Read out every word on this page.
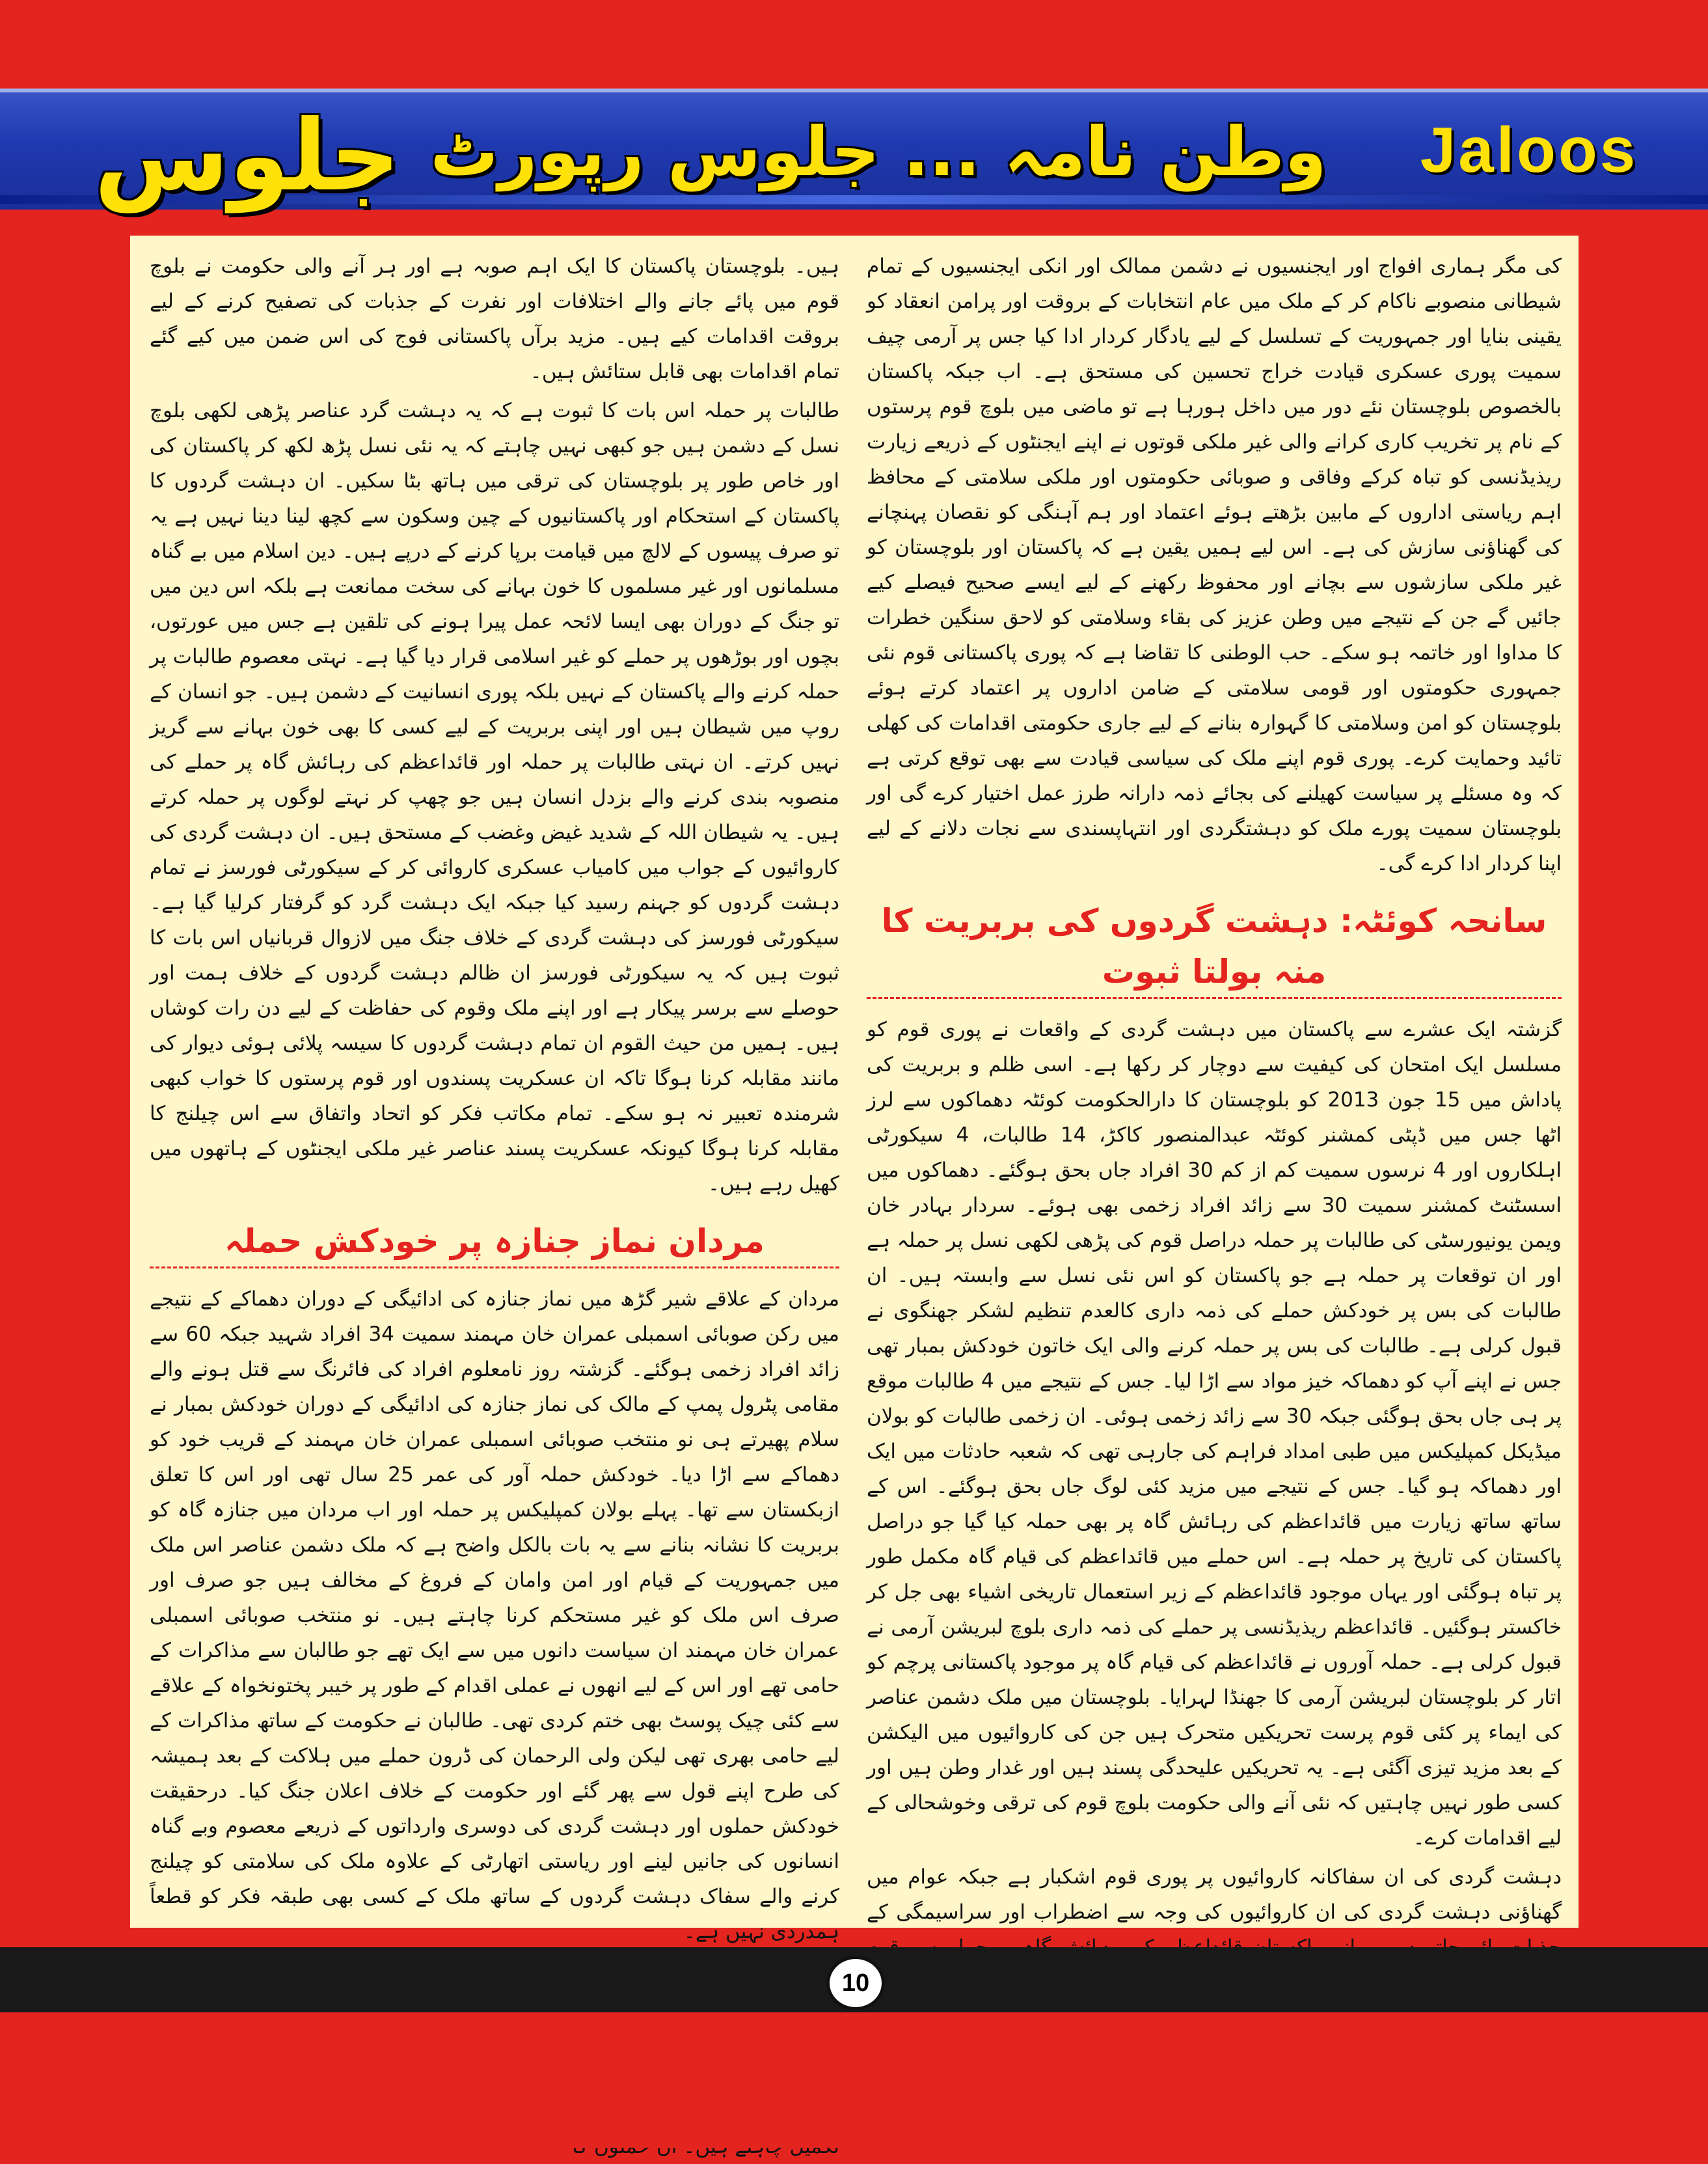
جلوس وطن نامہ ... جلوس رپورٹ	Jaloos

کی مگر ہماری افواج اور ایجنسیوں نے دشمن ممالک اور انکی ایجنسیوں کے تمام شیطانی منصوبے ناکام کر کے ملک میں عام انتخابات کے بروقت اور پرامن انعقاد کو یقینی بنایا اور جمہوریت کے تسلسل کے لیے یادگار کردار ادا کیا جس پر آرمی چیف سمیت پوری عسکری قیادت خراج تحسین کی مستحق ہے۔ اب جبکہ پاکستان بالخصوص بلوچستان نئے دور میں داخل ہورہا ہے تو ماضی میں بلوچ قوم پرستوں کے نام پر تخریب کاری کرانے والی غیر ملکی قوتوں نے اپنے ایجنٹوں کے ذریعے زیارت ریذیڈنسی کو تباہ کرکے وفاقی و صوبائی حکومتوں اور ملکی سلامتی کے محافظ اہم ریاستی اداروں کے مابین بڑھتے ہوئے اعتماد اور ہم آہنگی کو نقصان پہنچانے کی گھناؤنی سازش کی ہے۔ اس لیے ہمیں یقین ہے کہ پاکستان اور بلوچستان کو غیر ملکی سازشوں سے بچانے اور محفوظ رکھنے کے لیے ایسے صحیح فیصلے کیے جائیں گے جن کے نتیجے میں وطن عزیز کی بقاء وسلامتی کو لاحق سنگین خطرات کا مداوا اور خاتمہ ہو سکے۔ حب الوطنی کا تقاضا ہے کہ پوری پاکستانی قوم نئی جمہوری حکومتوں اور قومی سلامتی کے ضامن اداروں پر اعتماد کرتے ہوئے بلوچستان کو امن وسلامتی کا گہوارہ بنانے کے لیے جاری حکومتی اقدامات کی کھلی تائید وحمایت کرے۔ پوری قوم اپنے ملک کی سیاسی قیادت سے بھی توقع کرتی ہے کہ وہ مسئلے پر سیاست کھیلنے کی بجائے ذمہ دارانہ طرز عمل اختیار کرے گی اور بلوچستان سمیت پورے ملک کو دہشتگردی اور انتہاپسندی سے نجات دلانے کے لیے اپنا کردار ادا کرے گی۔

سانحہ کوئٹہ: دہشت گردوں کی بربریت کا منہ بولتا ثبوت

گزشتہ ایک عشرے سے پاکستان میں دہشت گردی کے واقعات نے پوری قوم کو مسلسل ایک امتحان کی کیفیت سے دوچار کر رکھا ہے۔ اسی ظلم و بربریت کی پاداش میں 15 جون 2013 کو بلوچستان کا دارالحکومت کوئٹہ دھماکوں سے لرز اٹھا جس میں ڈپٹی کمشنر کوئٹہ عبدالمنصور کاکڑ، 14 طالبات، 4 سیکورٹی اہلکاروں اور 4 نرسوں سمیت کم از کم 30 افراد جاں بحق ہوگئے۔ دھماکوں میں اسسٹنٹ کمشنر سمیت 30 سے زائد افراد زخمی بھی ہوئے۔ سردار بہادر خان ویمن یونیورسٹی کی طالبات پر حملہ دراصل قوم کی پڑھی لکھی نسل پر حملہ ہے اور ان توقعات پر حملہ ہے جو پاکستان کو اس نئی نسل سے وابستہ ہیں۔ ان طالبات کی بس پر خودکش حملے کی ذمہ داری کالعدم تنظیم لشکر جھنگوی نے قبول کرلی ہے۔ طالبات کی بس پر حملہ کرنے والی ایک خاتون خودکش بمبار تھی جس نے اپنے آپ کو دھماکہ خیز مواد سے اڑا لیا۔ جس کے نتیجے میں 4 طالبات موقع پر ہی جاں بحق ہوگئی جبکہ 30 سے زائد زخمی ہوئی۔ ان زخمی طالبات کو بولان میڈیکل کمپلیکس میں طبی امداد فراہم کی جارہی تھی کہ شعبہ حادثات میں ایک اور دھماکہ ہو گیا۔ جس کے نتیجے میں مزید کئی لوگ جاں بحق ہوگئے۔ اس کے ساتھ ساتھ زیارت میں قائداعظم کی رہائش گاہ پر بھی حملہ کیا گیا جو دراصل پاکستان کی تاریخ پر حملہ ہے۔ اس حملے میں قائداعظم کی قیام گاہ مکمل طور پر تباہ ہوگئی اور یہاں موجود قائداعظم کے زیر استعمال تاریخی اشیاء بھی جل کر خاکستر ہوگئیں۔ قائداعظم ریذیڈنسی پر حملے کی ذمہ داری بلوچ لبریشن آرمی نے قبول کرلی ہے۔ حملہ آوروں نے قائداعظم کی قیام گاہ پر موجود پاکستانی پرچم کو اتار کر بلوچستان لبریشن آرمی کا جھنڈا لہرایا۔ بلوچستان میں ملک دشمن عناصر کی ایماء پر کئی قوم پرست تحریکیں متحرک ہیں جن کی کاروائیوں میں الیکشن کے بعد مزید تیزی آگئی ہے۔ یہ تحریکیں علیحدگی پسند ہیں اور غدار وطن ہیں اور کسی طور نہیں چاہتیں کہ نئی آنے والی حکومت بلوچ قوم کی ترقی وخوشحالی کے لیے اقدامات کرے۔

دہشت گردی کی ان سفاکانہ کاروائیوں پر پوری قوم اشکبار ہے جبکہ عوام میں گھناؤنی دہشت گردی کی ان کاروائیوں کی وجہ سے اضطراب اور سراسیمگی کے

ہیں۔ بلوچستان پاکستان کا ایک اہم صوبہ ہے اور ہر آنے والی حکومت نے بلوچ قوم میں پائے جانے والے اختلافات اور نفرت کے جذبات کی تصفیح کرنے کے لیے بروقت اقدامات کیے ہیں۔ مزید برآں پاکستانی فوج کی اس ضمن میں کیے گئے تمام اقدامات بھی قابل ستائش ہیں۔

طالبات پر حملہ اس بات کا ثبوت ہے کہ یہ دہشت گرد عناصر پڑھی لکھی بلوچ نسل کے دشمن ہیں جو کبھی نہیں چاہتے کہ یہ نئی نسل پڑھ لکھ کر پاکستان کی اور خاص طور پر بلوچستان کی ترقی میں ہاتھ بٹا سکیں۔ ان دہشت گردوں کا پاکستان کے استحکام اور پاکستانیوں کے چین وسکون سے کچھ لینا دینا نہیں ہے یہ تو صرف پیسوں کے لالچ میں قیامت برپا کرنے کے درپے ہیں۔ دین اسلام میں بے گناہ مسلمانوں اور غیر مسلموں کا خون بہانے کی سخت ممانعت ہے بلکہ اس دین میں تو جنگ کے دوران بھی ایسا لائحہ عمل پیرا ہونے کی تلقین ہے جس میں عورتوں، بچوں اور بوڑھوں پر حملے کو غیر اسلامی قرار دیا گیا ہے۔ نہتی معصوم طالبات پر حملہ کرنے والے پاکستان کے نہیں بلکہ پوری انسانیت کے دشمن ہیں۔ جو انسان کے روپ میں شیطان ہیں اور اپنی بربریت کے لیے کسی کا بھی خون بہانے سے گریز نہیں کرتے۔ ان نہتی طالبات پر حملہ اور قائداعظم کی رہائش گاہ پر حملے کی منصوبہ بندی کرنے والے بزدل انسان ہیں جو چھپ کر نہتے لوگوں پر حملہ کرتے ہیں۔ یہ شیطان اللہ کے شدید غیض وغضب کے مستحق ہیں۔ ان دہشت گردی کی کاروائیوں کے جواب میں کامیاب عسکری کاروائی کر کے سیکورٹی فورسز نے تمام دہشت گردوں کو جہنم رسید کیا جبکہ ایک دہشت گرد کو گرفتار کرلیا گیا ہے۔ سیکورٹی فورسز کی دہشت گردی کے خلاف جنگ میں لازوال قربانیاں اس بات کا ثبوت ہیں کہ یہ سیکورٹی فورسز ان ظالم دہشت گردوں کے خلاف ہمت اور حوصلے سے برسر پیکار ہے اور اپنے ملک وقوم کی حفاظت کے لیے دن رات کوشاں ہیں۔ ہمیں من حیث القوم ان تمام دہشت گردوں کا سیسہ پلائی ہوئی دیوار کی مانند مقابلہ کرنا ہوگا تاکہ ان عسکریت پسندوں اور قوم پرستوں کا خواب کبھی شرمندہ تعبیر نہ ہو سکے۔ تمام مکاتب فکر کو اتحاد واتفاق سے اس چیلنج کا مقابلہ کرنا ہوگا کیونکہ عسکریت پسند عناصر غیر ملکی ایجنٹوں کے ہاتھوں میں کھیل رہے ہیں۔

مردان نماز جنازہ پر خودکش حملہ

مردان کے علاقے شیر گڑھ میں نماز جنازہ کی ادائیگی کے دوران دھماکے کے نتیجے میں رکن صوبائی اسمبلی عمران خان مہمند سمیت 34 افراد شہید جبکہ 60 سے زائد افراد زخمی ہوگئے۔ گزشتہ روز نامعلوم افراد کی فائرنگ سے قتل ہونے والے مقامی پٹرول پمپ کے مالک کی نماز جنازہ کی ادائیگی کے دوران خودکش بمبار نے سلام پھیرتے ہی نو منتخب صوبائی اسمبلی عمران خان مہمند کے قریب خود کو دھماکے سے اڑا دیا۔ خودکش حملہ آور کی عمر 25 سال تھی اور اس کا تعلق ازبکستان سے تھا۔ پہلے بولان کمپلیکس پر حملہ اور اب مردان میں جنازہ گاہ کو بربریت کا نشانہ بنانے سے یہ بات بالکل واضح ہے کہ ملک دشمن عناصر اس ملک میں جمہوریت کے قیام اور امن وامان کے فروغ کے مخالف ہیں جو صرف اور صرف اس ملک کو غیر مستحکم کرنا چاہتے ہیں۔ نو منتخب صوبائی اسمبلی عمران خان مہمند ان سیاست دانوں میں سے ایک تھے جو طالبان سے مذاکرات کے حامی تھے اور اس کے لیے انھوں نے عملی اقدام کے طور پر خیبر پختونخواہ کے علاقے سے کئی چیک پوسٹ بھی ختم کردی تھی۔ طالبان نے حکومت کے ساتھ مذاکرات کے لیے حامی بھری تھی لیکن ولی الرحمان کی ڈرون حملے میں ہلاکت کے بعد ہمیشہ کی طرح اپنے قول سے پھر گئے اور حکومت کے خلاف اعلان جنگ کیا۔ درحقیقت خودکش حملوں اور دہشت گردی کی دوسری وارداتوں کے ذریعے معصوم وبے گناہ انسانوں کی جانیں لینے اور ریاستی اتھارٹی کے علاوہ ملک کی سلامتی کو چیلنج کرنے والے سفاک دہشت گردوں کے ساتھ ملک کے کسی بھی طبقہ فکر کو قطعاً ہمدردی نہیں ہے۔

10
